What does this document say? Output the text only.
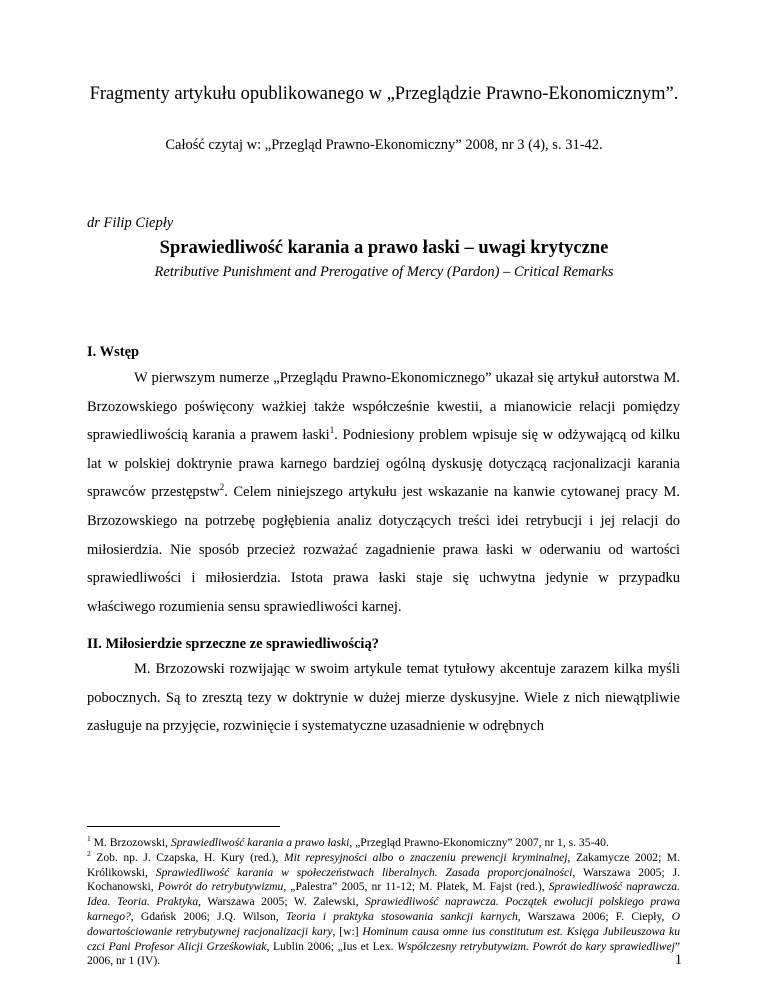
Fragmenty artykułu opublikowanego w „Przeglądzie Prawno-Ekonomicznym”.
Całość czytaj w: „Przegląd Prawno-Ekonomiczny” 2008, nr 3 (4), s. 31-42.
dr Filip Ciepły
Sprawiedliwość karania a prawo łaski – uwagi krytyczne
Retributive Punishment and Prerogative of Mercy (Pardon) – Critical Remarks
I. Wstęp

W pierwszym numerze „Przeglądu Prawno-Ekonomicznego” ukazał się artykuł autorstwa M. Brzozowskiego poświęcony ważkiej także współcześnie kwestii, a mianowicie relacji pomiędzy sprawiedliwością karania a prawem łaski$^1$. Podniesiony problem wpisuje się w odżywającą od kilku lat w polskiej doktrynie prawa karnego bardziej ogólną dyskusję dotyczącą racjonalizacji karania sprawców przestępstw$^2$. Celem niniejszego artykułu jest wskazanie na kanwie cytowanej pracy M. Brzozowskiego na potrzebę pogłębienia analiz dotyczących treści idei retrybucji i jej relacji do miłosierdzia. Nie sposób przecież rozważać zagadnienie prawa łaski w oderwaniu od wartości sprawiedliwości i miłosierdzia. Istota prawa łaski staje się uchwytna jedynie w przypadku właściwego rozumienia sensu sprawiedliwości karnej.

II. Miłosierdzie sprzeczne ze sprawiedliwością?

M. Brzozowski rozwijając w swoim artykule temat tytułowy akcentuje zarazem kilka myśli pobocznych. Są to zresztą tezy w doktrynie w dużej mierze dyskusyjne. Wiele z nich niewątpliwie zasługuje na przyjęcie, rozwinięcie i systematyczne uzasadnienie w odrębnych

$^1$ M. Brzozowski, Sprawiedliwość karania a prawo łaski, „Przegląd Prawno-Ekonomiczny” 2007, nr 1, s. 35-40.

$^2$ Zob. np. J. Czapska, H. Kury (red.), Mit represyjności albo o znaczeniu prewencji kryminalnej, Zakamycze 2002; M. Królikowski, Sprawiedliwość karania w społeczeństwach liberalnych. Zasada proporcjonalności, Warszawa 2005; J. Kochanowski, Powrót do retrybutywizmu, „Palestra” 2005, nr 11-12; M. Płatek, M. Fajst (red.), Sprawiedliwość naprawcza. Idea. Teoria. Praktyka, Warszawa 2005; W. Zalewski, Sprawiedliwość naprawcza. Początek ewolucji polskiego prawa karnego?, Gdańsk 2006; J.Q. Wilson, Teoria i praktyka stosowania sankcji karnych, Warszawa 2006; F. Ciepły, O dowartościowanie retrybutywnej racjonalizacji kary, [w:] Hominum causa omne ius constitutum est. Księga Jubileuszowa ku czci Pani Profesor Alicji Grześkowiak, Lublin 2006; „Ius et Lex. Współczesny retrybutywizm. Powrót do kary sprawiedliwej” 2006, nr 1 (IV).	1
